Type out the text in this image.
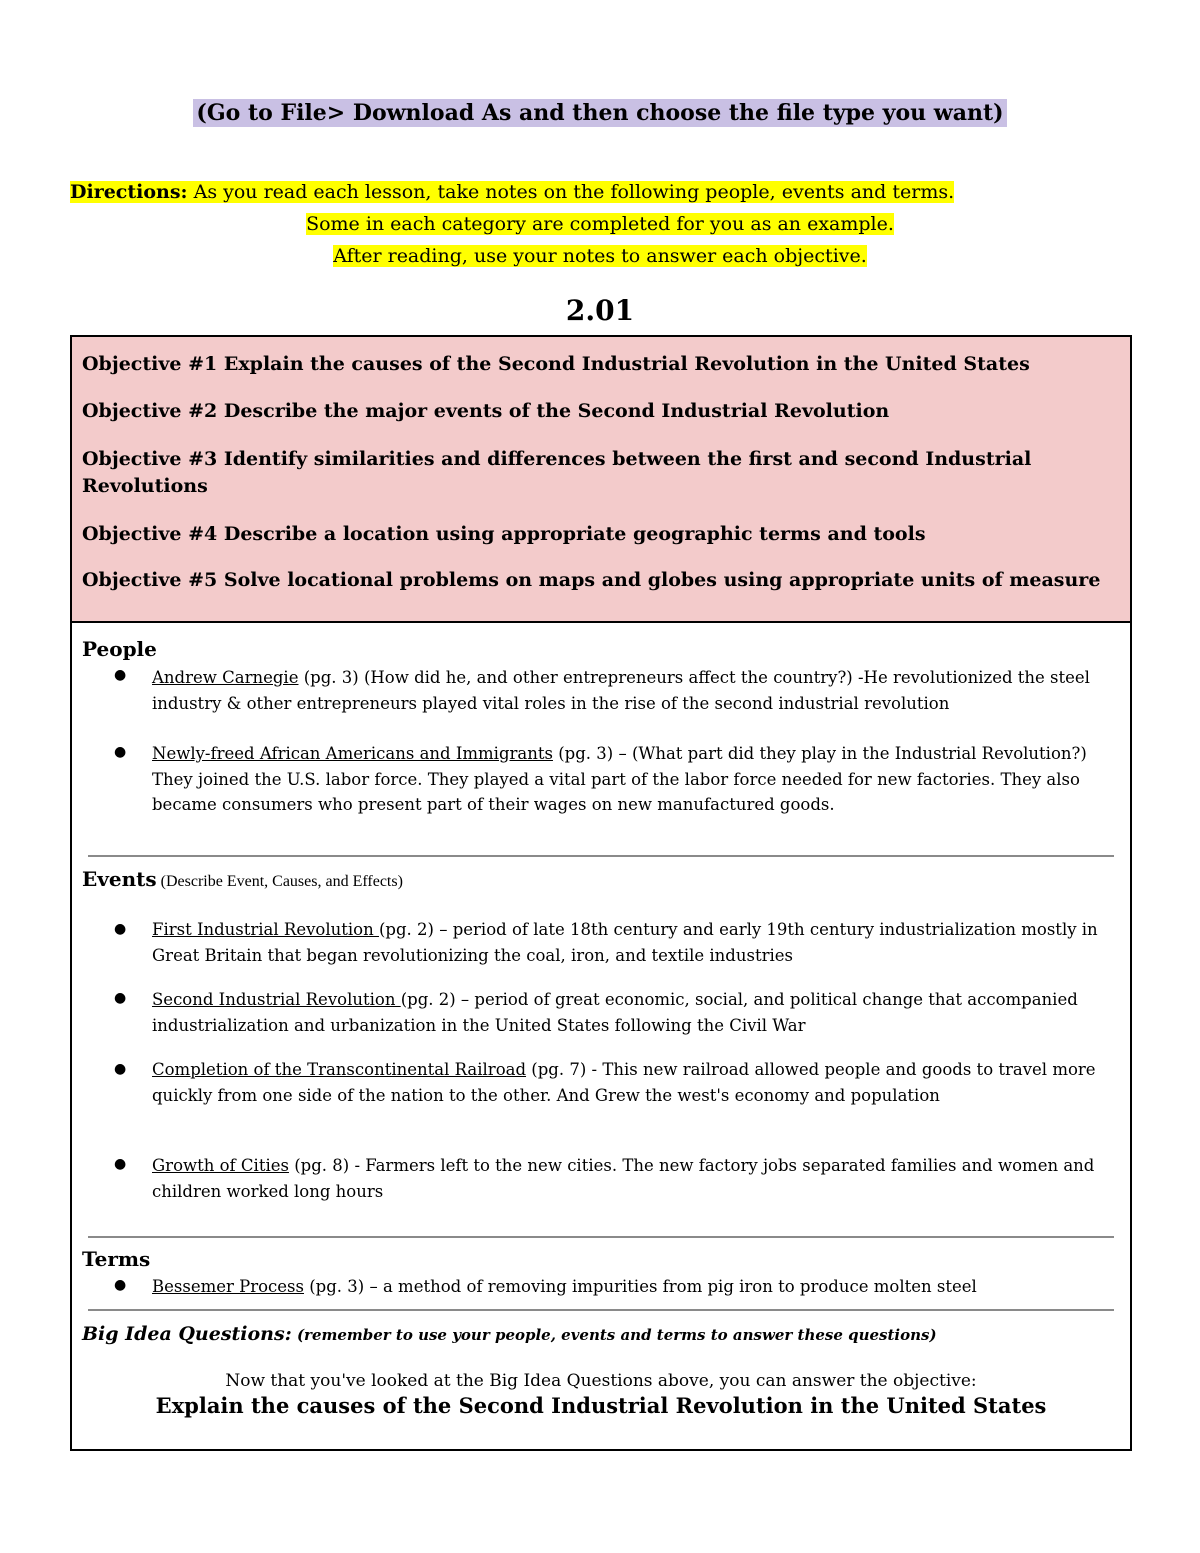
(Go to File> Download As and then choose the file type you want)
Directions: As you read each lesson, take notes on the following people, events and terms.
Some in each category are completed for you as an example.
After reading, use your notes to answer each objective.
2.01
Objective #1 Explain the causes of the Second Industrial Revolution in the United States
Objective #2 Describe the major events of the Second Industrial Revolution
Objective #3 Identify similarities and differences between the first and second Industrial Revolutions
Objective #4 Describe a location using appropriate geographic terms and tools
Objective #5 Solve locational problems on maps and globes using appropriate units of measure
People
● Andrew Carnegie (pg. 3) (How did he, and other entrepreneurs affect the country?) -He revolutionized the steel industry & other entrepreneurs played vital roles in the rise of the second industrial revolution
● Newly-freed African Americans and Immigrants (pg. 3) – (What part did they play in the Industrial Revolution?) They joined the U.S. labor force. They played a vital part of the labor force needed for new factories. They also became consumers who present part of their wages on new manufactured goods.
Events (Describe Event, Causes, and Effects)
● First Industrial Revolution (pg. 2) – period of late 18th century and early 19th century industrialization mostly in Great Britain that began revolutionizing the coal, iron, and textile industries
● Second Industrial Revolution (pg. 2) – period of great economic, social, and political change that accompanied industrialization and urbanization in the United States following the Civil War
● Completion of the Transcontinental Railroad (pg. 7) - This new railroad allowed people and goods to travel more quickly from one side of the nation to the other. And Grew the west's economy and population
● Growth of Cities (pg. 8) - Farmers left to the new cities. The new factory jobs separated families and women and children worked long hours
Terms
● Bessemer Process (pg. 3) – a method of removing impurities from pig iron to produce molten steel
Big Idea Questions: (remember to use your people, events and terms to answer these questions)
Now that you've looked at the Big Idea Questions above, you can answer the objective:
Explain the causes of the Second Industrial Revolution in the United States
